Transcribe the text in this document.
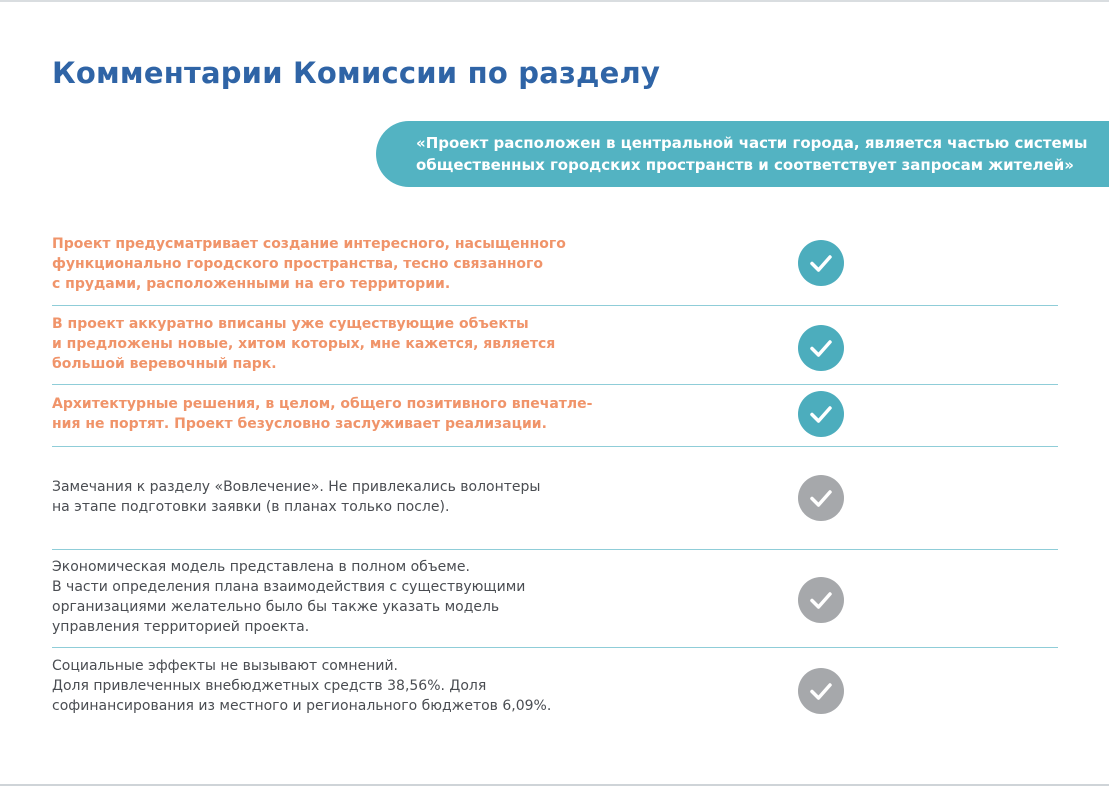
Комментарии Комиссии по разделу

«Проект расположен в центральной части города, является частью системы
общественных городских пространств и соответствует запросам жителей»

Проект предусматривает создание интересного, насыщенного
функционально городского пространства, тесно связанного
с прудами, расположенными на его территории.

В проект аккуратно вписаны уже существующие объекты
и предложены новые, хитом которых, мне кажется, является
большой веревочный парк.

Архитектурные решения, в целом, общего позитивного впечатле-
ния не портят. Проект безусловно заслуживает реализации.

Замечания к разделу «Вовлечение». Не привлекались волонтеры
на этапе подготовки заявки (в планах только после).

Экономическая модель представлена в полном объеме.
В части определения плана взаимодействия с существующими
организациями желательно было бы также указать модель
управления территорией проекта.

Социальные эффекты не вызывают сомнений.
Доля привлеченных внебюджетных средств 38,56%. Доля
софинансирования из местного и регионального бюджетов 6,09%.
